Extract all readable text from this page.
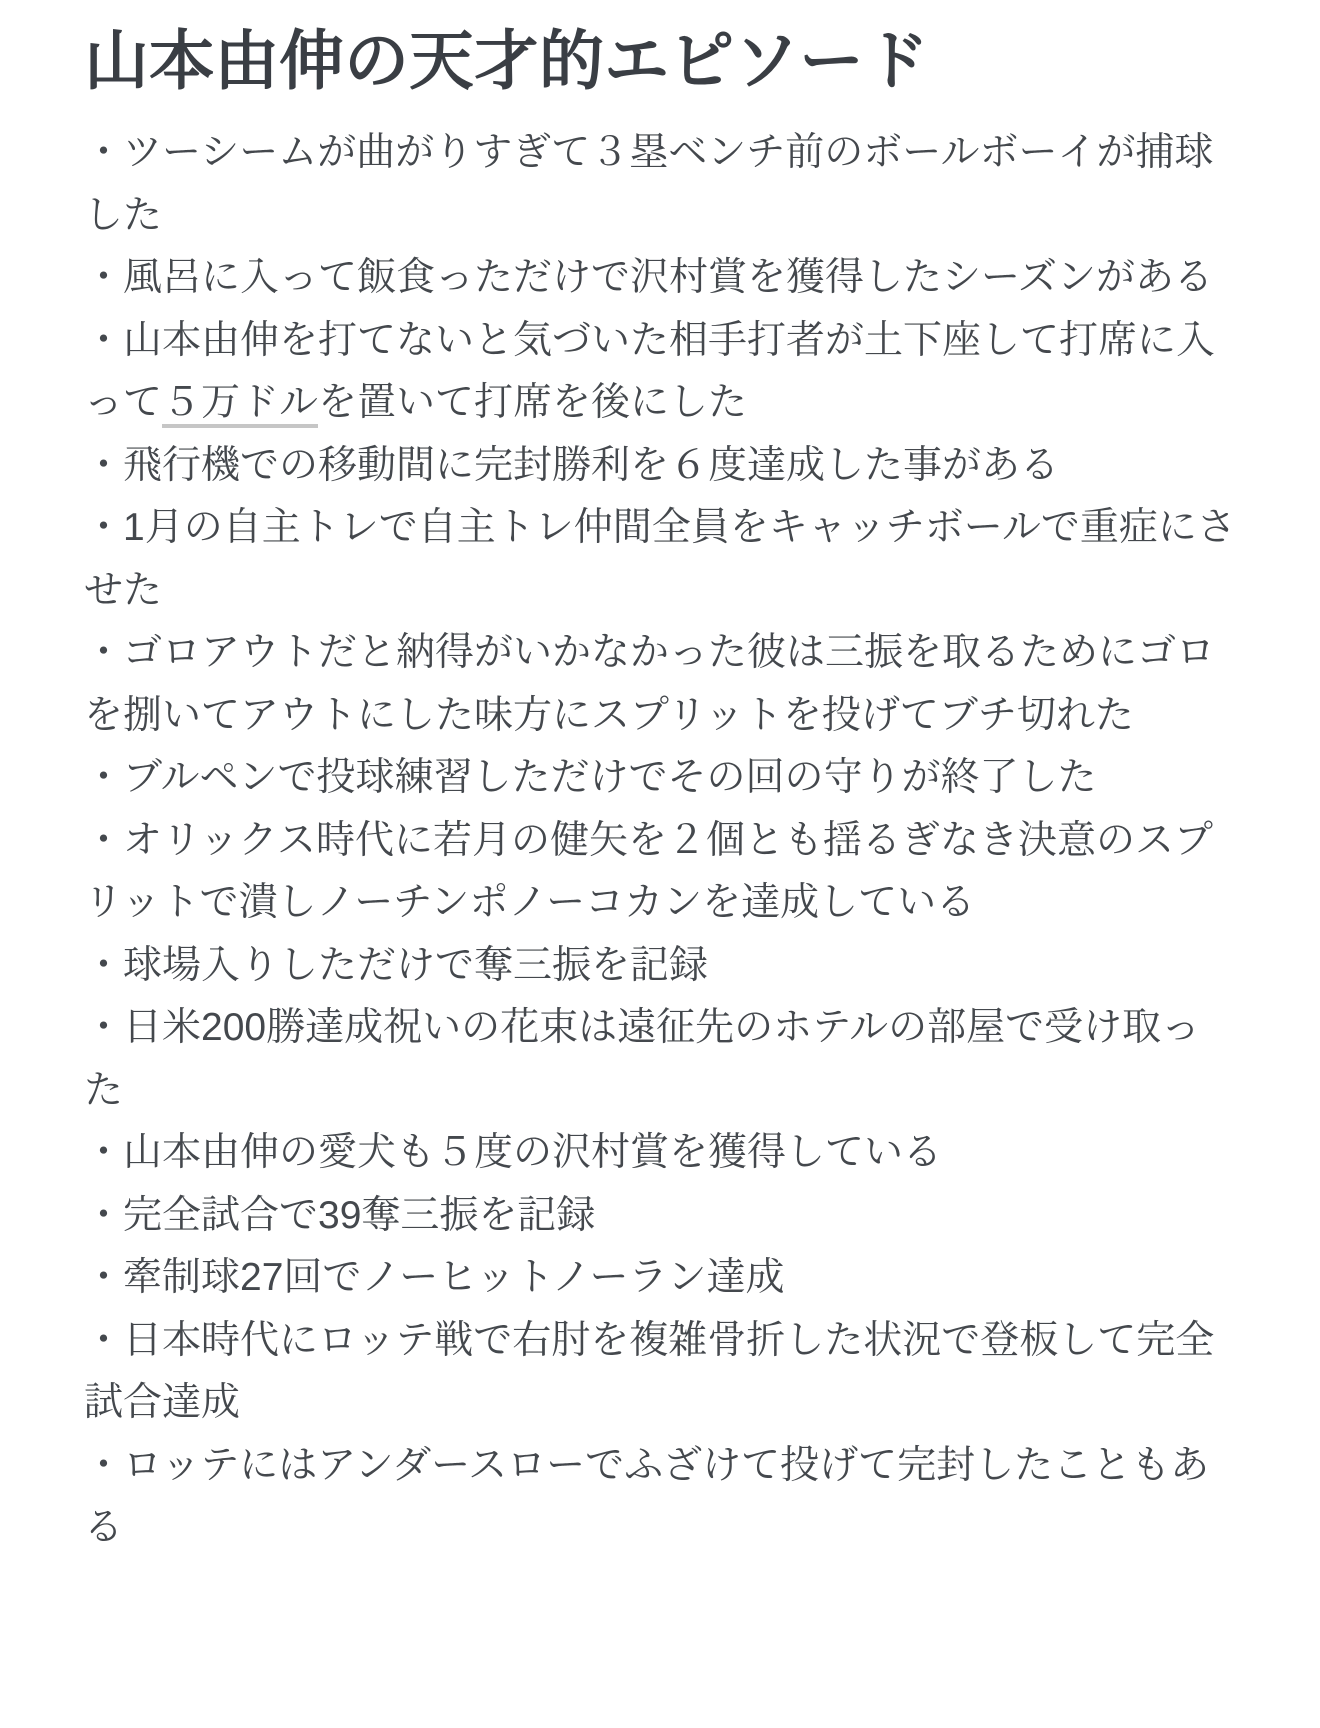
山本由伸の天才的エピソード

・ツーシームが曲がりすぎて３塁ベンチ前のボールボーイが捕球した

・風呂に入って飯食っただけで沢村賞を獲得したシーズンがある

・山本由伸を打てないと気づいた相手打者が土下座して打席に入って５万ドルを置いて打席を後にした

・飛行機での移動間に完封勝利を６度達成した事がある

・1月の自主トレで自主トレ仲間全員をキャッチボールで重症にさせた

・ゴロアウトだと納得がいかなかった彼は三振を取るためにゴロを捌いてアウトにした味方にスプリットを投げてブチ切れた

・ブルペンで投球練習しただけでその回の守りが終了した

・オリックス時代に若月の健矢を２個とも揺るぎなき決意のスプリットで潰しノーチンポノーコカンを達成している

・球場入りしただけで奪三振を記録

・日米200勝達成祝いの花束は遠征先のホテルの部屋で受け取った

・山本由伸の愛犬も５度の沢村賞を獲得している

・完全試合で39奪三振を記録

・牽制球27回でノーヒットノーラン達成

・日本時代にロッテ戦で右肘を複雑骨折した状況で登板して完全試合達成

・ロッテにはアンダースローでふざけて投げて完封したこともある
